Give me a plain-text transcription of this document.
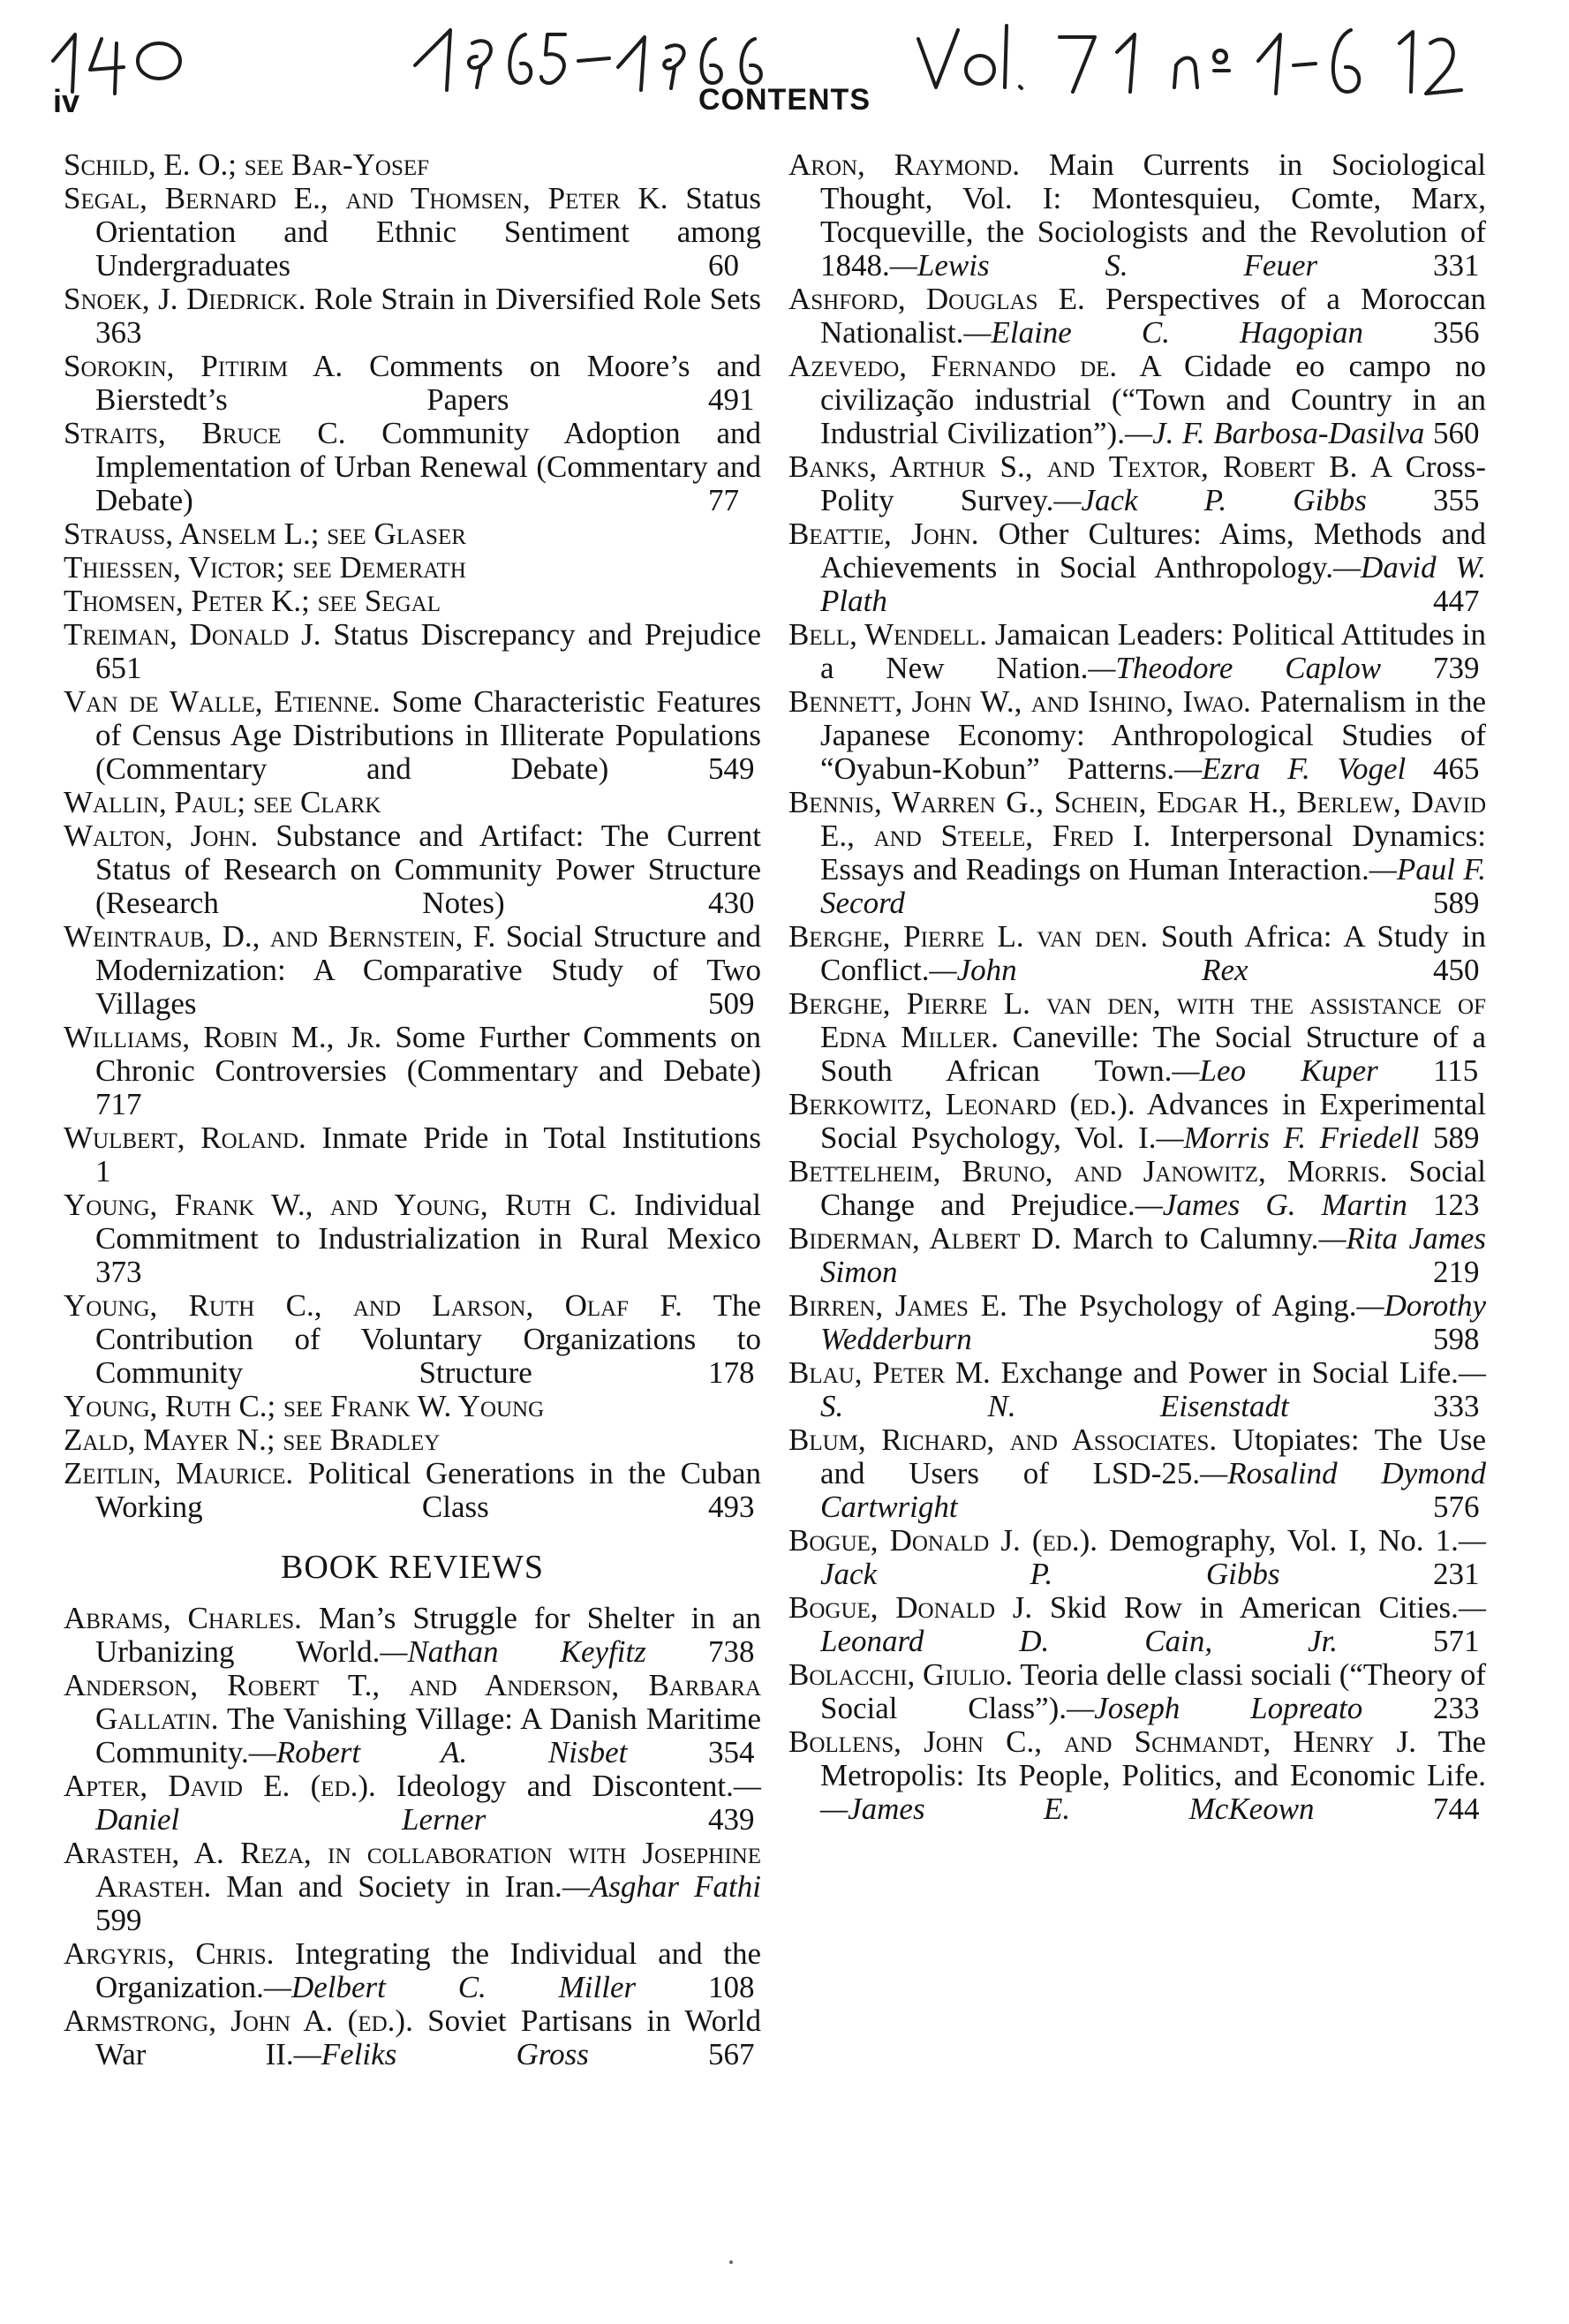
iv	CONTENTS

Schild, E. O.; see Bar-Yosef

Segal, Bernard E., and Thomsen, Peter K. Status Orientation and Ethnic Sentiment among Undergraduates	60

Snoek, J. Diedrick. Role Strain in Diversified Role Sets 363

Sorokin, Pitirim A. Comments on Moore’s and Bierstedt’s Papers	491

Straits, Bruce C. Community Adoption and Implementation of Urban Renewal (Commentary and Debate)	77

Strauss, Anselm L.; see Glaser

Thiessen, Victor; see Demerath

Thomsen, Peter K.; see Segal

Treiman, Donald J. Status Discrepancy and Prejudice 651

Van de Walle, Etienne. Some Characteristic Features of Census Age Distributions in Illiterate Populations (Commentary and Debate)	549

Wallin, Paul; see Clark

Walton, John. Substance and Artifact: The Current Status of Research on Community Power Structure (Research Notes)	430

Weintraub, D., and Bernstein, F. Social Structure and Modernization: A Comparative Study of Two Villages	509

Williams, Robin M., Jr. Some Further Comments on Chronic Controversies (Commentary and Debate) 717

Wulbert, Roland. Inmate Pride in Total Institutions 1

Young, Frank W., and Young, Ruth C. Individual Commitment to Industrialization in Rural Mexico 373

Young, Ruth C., and Larson, Olaf F. The Contribution of Voluntary Organizations to Community Structure	178

Young, Ruth C.; see Frank W. Young

Zald, Mayer N.; see Bradley

Zeitlin, Maurice. Political Generations in the Cuban Working Class	493

BOOK REVIEWS

Abrams, Charles. Man’s Struggle for Shelter in an Urbanizing World.—Nathan Keyfitz 738

Anderson, Robert T., and Anderson, Barbara Gallatin. The Vanishing Village: A Danish Maritime Community.—Robert A. Nisbet	354

Apter, David E. (ed.). Ideology and Discontent.—Daniel Lerner	439

Arasteh, A. Reza, in collaboration with Josephine Arasteh. Man and Society in Iran.—Asghar Fathi 599

Argyris, Chris. Integrating the Individual and the Organization.—Delbert C. Miller 108

Armstrong, John A. (ed.). Soviet Partisans in World War II.—Feliks Gross	567

Aron, Raymond. Main Currents in Sociological Thought, Vol. I: Montesquieu, Comte, Marx, Tocqueville, the Sociologists and the Revolution of 1848.—Lewis S. Feuer	331

Ashford, Douglas E. Perspectives of a Moroccan Nationalist.—Elaine C. Hagopian 356

Azevedo, Fernando de. A Cidade eo campo no civilização industrial (“Town and Country in an Industrial Civilization”).—J. F. Barbosa-Dasilva 560

Banks, Arthur S., and Textor, Robert B. A Cross-Polity Survey.—Jack P. Gibbs 355

Beattie, John. Other Cultures: Aims, Methods and Achievements in Social Anthropology.—David W. Plath	447

Bell, Wendell. Jamaican Leaders: Political Attitudes in a New Nation.—Theodore Caplow 739

Bennett, John W., and Ishino, Iwao. Paternalism in the Japanese Economy: Anthropological Studies of “Oyabun-Kobun” Patterns.—Ezra F. Vogel 465

Bennis, Warren G., Schein, Edgar H., Berlew, David E., and Steele, Fred I. Interpersonal Dynamics: Essays and Readings on Human Interaction.—Paul F. Secord	589

Berghe, Pierre L. van den. South Africa: A Study in Conflict.—John Rex	450

Berghe, Pierre L. van den, with the assistance of Edna Miller. Caneville: The Social Structure of a South African Town.—Leo Kuper 115

Berkowitz, Leonard (ed.). Advances in Experimental Social Psychology, Vol. I.—Morris F. Friedell 589

Bettelheim, Bruno, and Janowitz, Morris. Social Change and Prejudice.—James G. Martin 123

Biderman, Albert D. March to Calumny.—Rita James Simon	219

Birren, James E. The Psychology of Aging.—Dorothy Wedderburn	598

Blau, Peter M. Exchange and Power in Social Life.—S. N. Eisenstadt	333

Blum, Richard, and Associates. Utopiates: The Use and Users of LSD-25.—Rosalind Dymond Cartwright	576

Bogue, Donald J. (ed.). Demography, Vol. I, No. 1.—Jack P. Gibbs	231

Bogue, Donald J. Skid Row in American Cities.—Leonard D. Cain, Jr.	571

Bolacchi, Giulio. Teoria delle classi sociali (“Theory of Social Class”).—Joseph Lopreato 233

Bollens, John C., and Schmandt, Henry J. The Metropolis: Its People, Politics, and Economic Life.—James E. McKeown	744
